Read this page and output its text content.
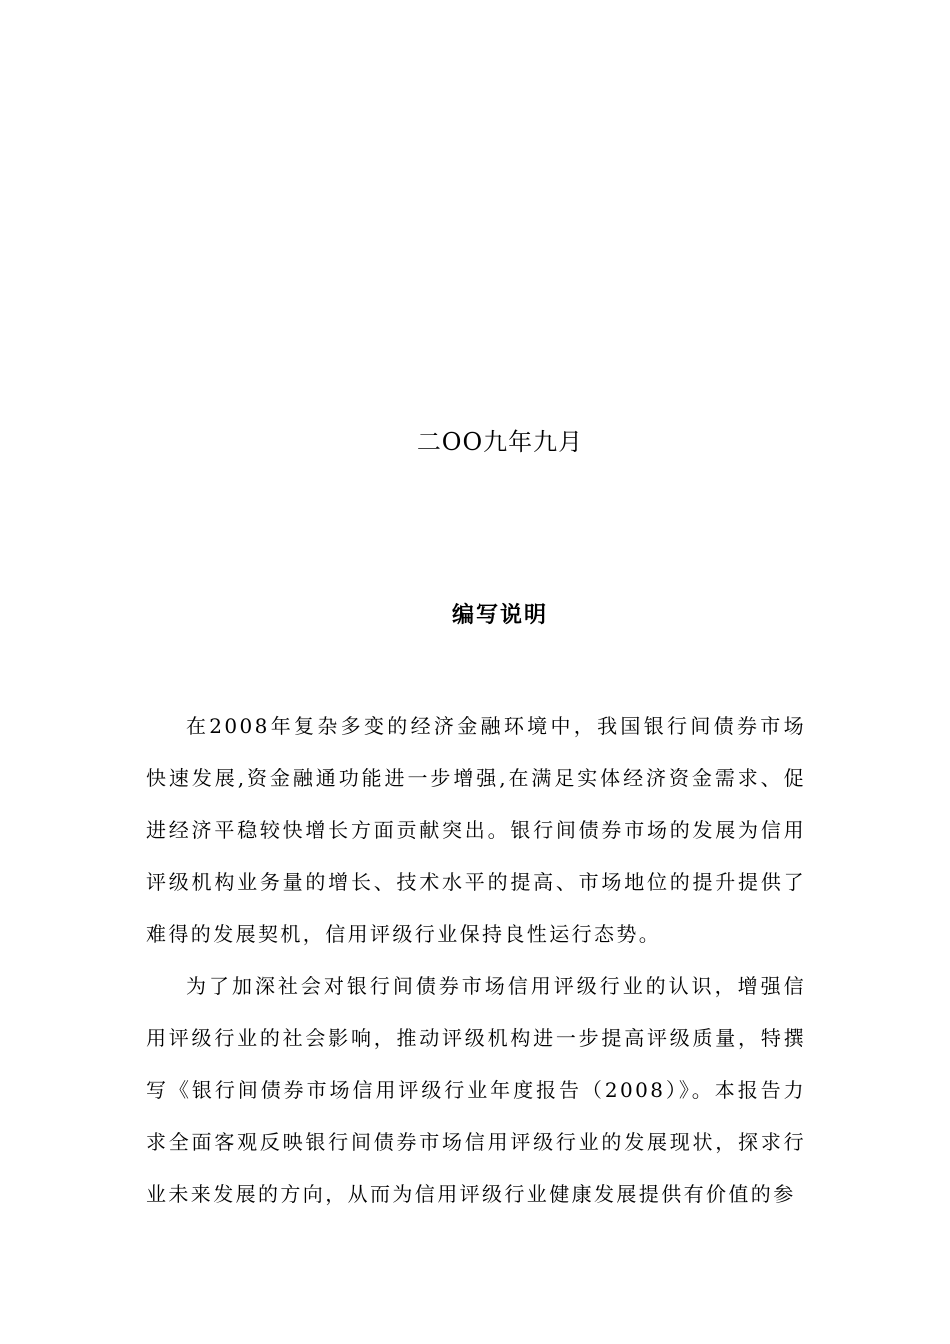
二OO九年九月
编写说明

在2008年复杂多变的经济金融环境中，我国银行间债券市场快速发展,资金融通功能进一步增强,在满足实体经济资金需求、促进经济平稳较快增长方面贡献突出。银行间债券市场的发展为信用评级机构业务量的增长、技术水平的提高、市场地位的提升提供了难得的发展契机，信用评级行业保持良性运行态势。

为了加深社会对银行间债券市场信用评级行业的认识，增强信用评级行业的社会影响，推动评级机构进一步提高评级质量，特撰写《银行间债券市场信用评级行业年度报告（2008）》。本报告力求全面客观反映银行间债券市场信用评级行业的发展现状，探求行业未来发展的方向，从而为信用评级行业健康发展提供有价值的参
